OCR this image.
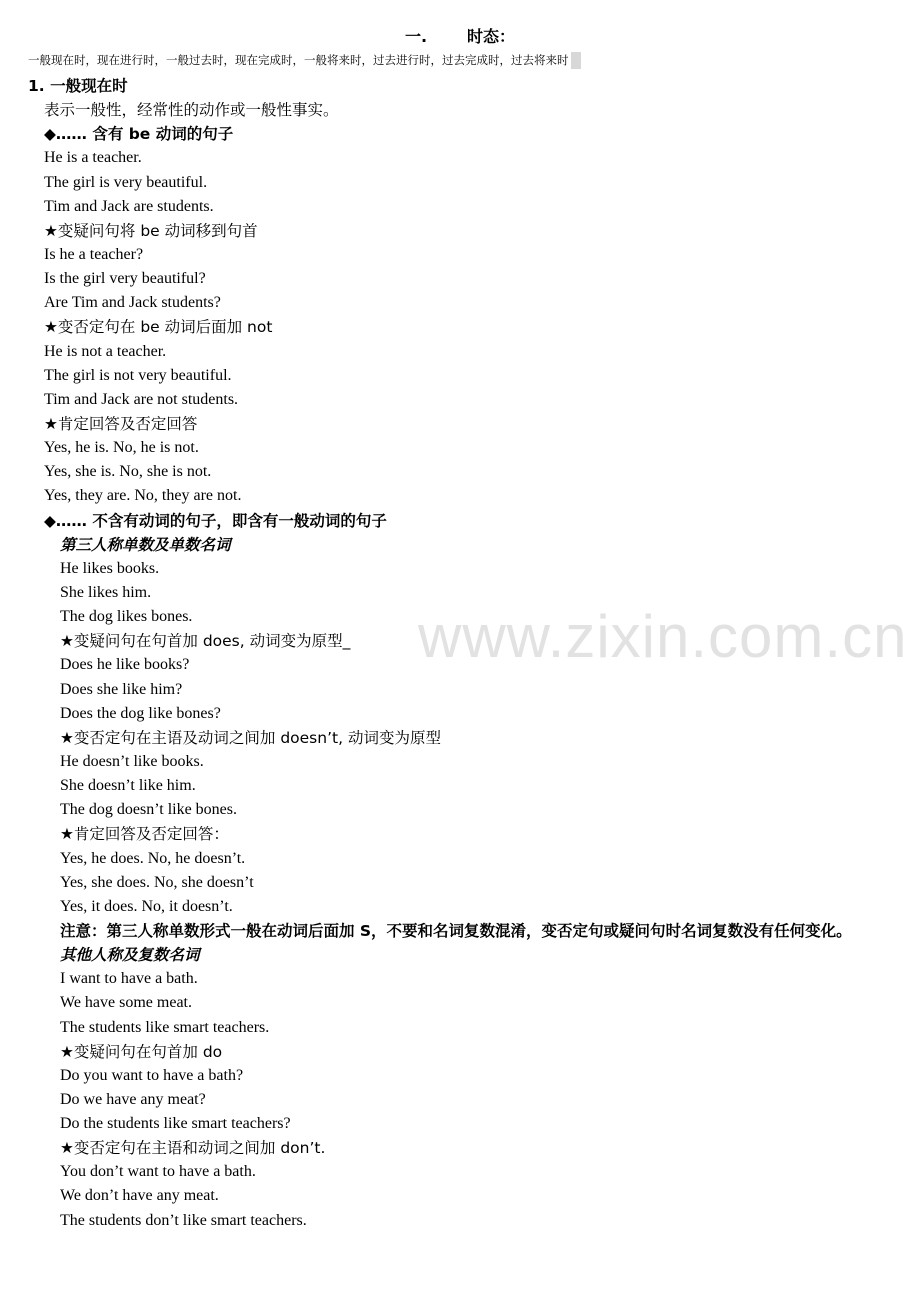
www.zixin.com.cn
一.	时态：
一般现在时，现在进行时，一般过去时，现在完成时，一般将来时，过去进行时，过去完成时，过去将来时
1. 一般现在时
表示一般性，经常性的动作或一般性事实。
◆…… 含有 be 动词的句子
He is a teacher.
The girl is very beautiful.
Tim and Jack are students.
★变疑问句将 be 动词移到句首
Is he a teacher?
Is the girl very beautiful?
Are Tim and Jack students?
★变否定句在 be 动词后面加 not
He is not a teacher.
The girl is not very beautiful.
Tim and Jack are not students.
★肯定回答及否定回答
Yes, he is. No, he is not.
Yes, she is. No, she is not.
Yes, they are. No, they are not.
◆…… 不含有动词的句子，即含有一般动词的句子
第三人称单数及单数名词
He likes books.
She likes him.
The dog likes bones.
★变疑问句在句首加 does, 动词变为原型_
Does he like books?
Does she like him?
Does the dog like bones?
★变否定句在主语及动词之间加 doesn’t, 动词变为原型
He doesn’t like books.
She doesn’t like him.
The dog doesn’t like bones.
★肯定回答及否定回答：
Yes, he does. No, he doesn’t.
Yes, she does. No, she doesn’t
Yes, it does. No, it doesn’t.
注意：第三人称单数形式一般在动词后面加 S，不要和名词复数混淆，变否定句或疑问句时名词复数没有任何变化。
其他人称及复数名词
I want to have a bath.
We have some meat.
The students like smart teachers.
★变疑问句在句首加 do
Do you want to have a bath?
Do we have any meat?
Do the students like smart teachers?
★变否定句在主语和动词之间加 don’t.
You don’t want to have a bath.
We don’t have any meat.
The students don’t like smart teachers.
